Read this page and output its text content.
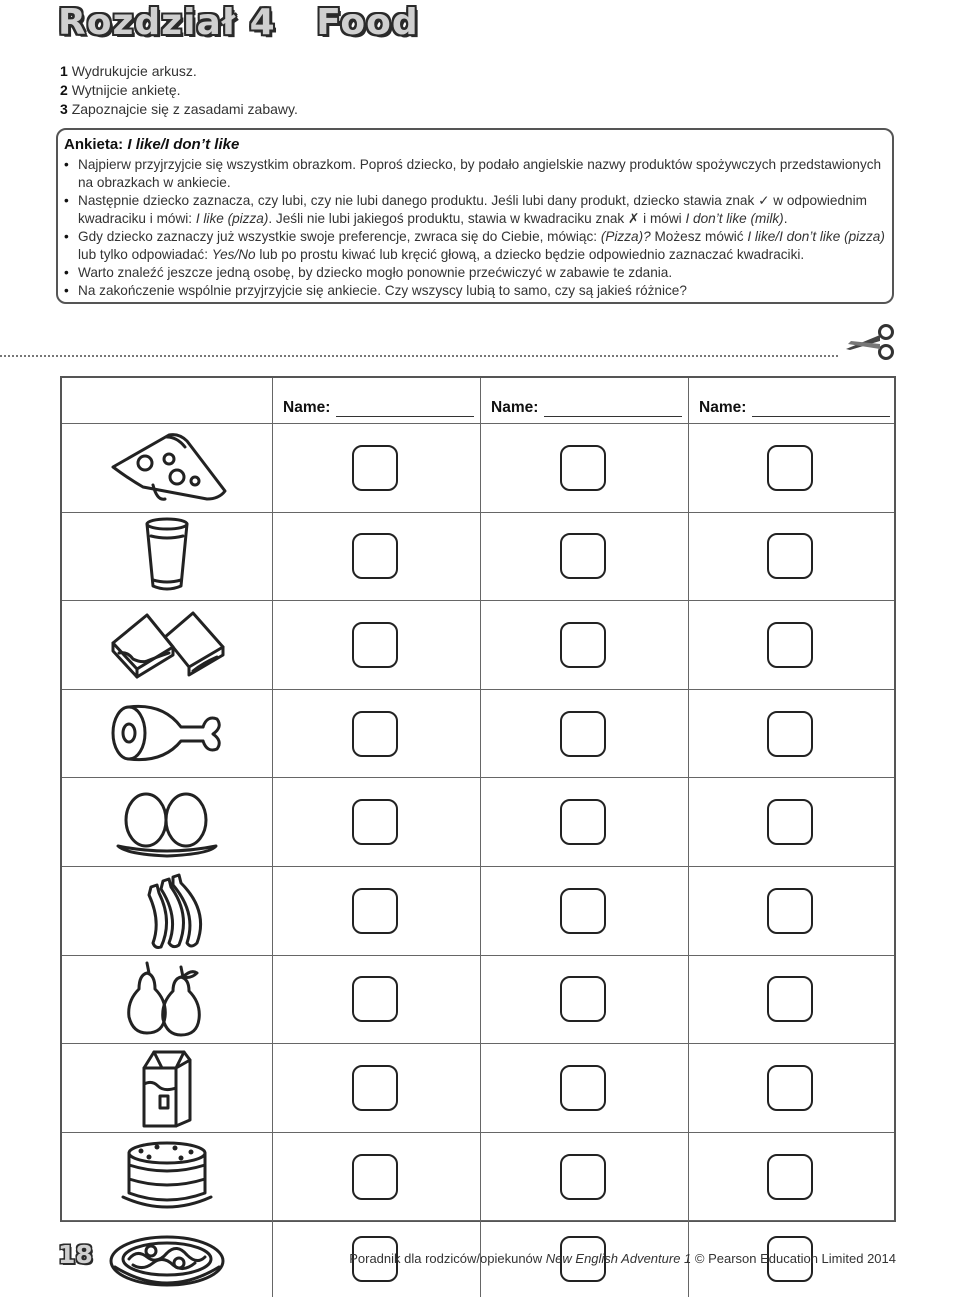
Rozdział 4   Food
1 Wydrukujcie arkusz.
2 Wytnijcie ankietę.
3 Zapoznajcie się z zasadami zabawy.

Ankieta: I like/I don’t like

• Najpierw przyjrzyjcie się wszystkim obrazkom. Poproś dziecko, by podało angielskie nazwy produktów spożywczych przedstawionych na obrazkach w ankiecie.
• Następnie dziecko zaznacza, czy lubi, czy nie lubi danego produktu. Jeśli lubi dany produkt, dziecko stawia znak ✓ w odpowiednim kwadraciku i mówi: I like (pizza). Jeśli nie lubi jakiegoś produktu, stawia w kwadraciku znak ✗ i mówi I don’t like (milk).
• Gdy dziecko zaznaczy już wszystkie swoje preferencje, zwraca się do Ciebie, mówiąc: (Pizza)? Możesz mówić I like/I don’t like (pizza) lub tylko odpowiadać: Yes/No lub po prostu kiwać lub kręcić głową, a dziecko będzie odpowiednio zaznaczać kwadraciki.
• Warto znaleźć jeszcze jedną osobę, by dziecko mogło ponownie przećwiczyć w zabawie te zdania.
• Na zakończenie wspólnie przyjrzyjcie się ankiecie. Czy wszyscy lubią to samo, czy są jakieś różnice?
Name:	Name:	Name:
18	Poradnik dla rodziców/opiekunów New English Adventure 1 © Pearson Education Limited 2014
